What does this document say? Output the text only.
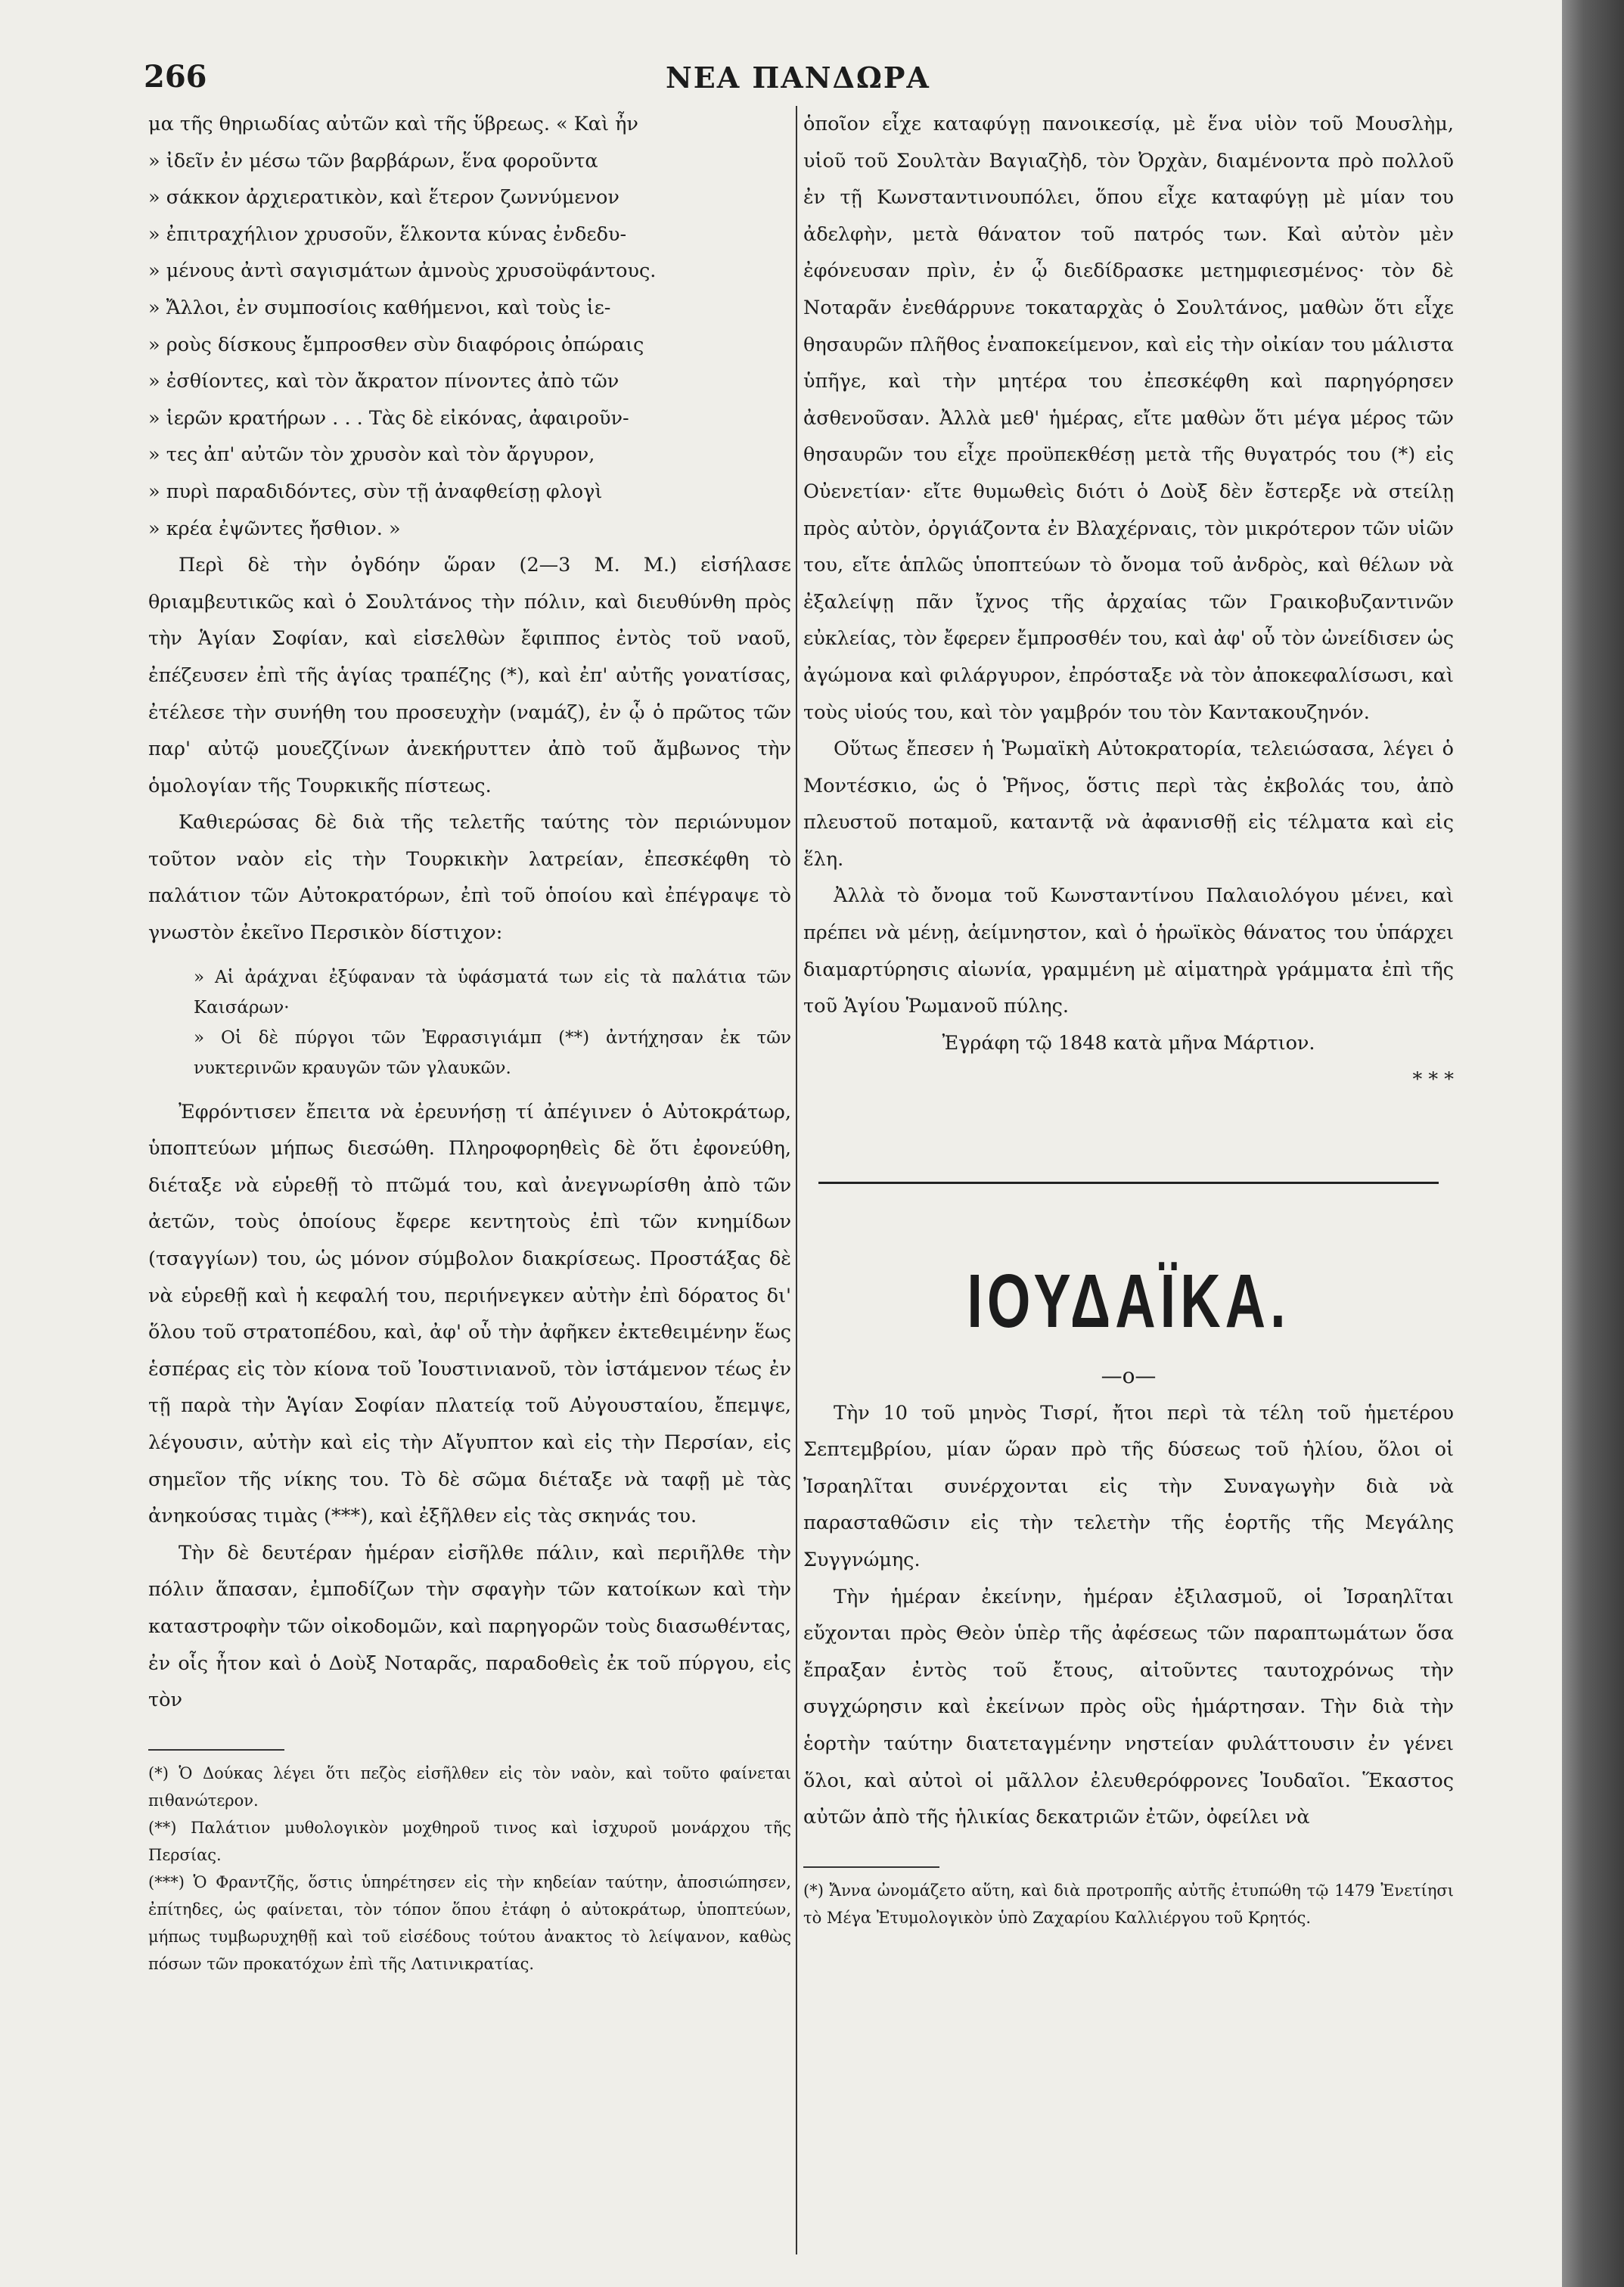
266	ΝΕΑ ΠΑΝΔΩΡΑ

μα τῆς θηριωδίας αὐτῶν καὶ τῆς ὕβρεως. « Καὶ ἦν
» ἰδεῖν ἐν μέσω τῶν βαρβάρων, ἕνα φοροῦντα
» σάκκον ἀρχιερατικὸν, καὶ ἕτερον ζωννύμενον
» ἐπιτραχήλιον χρυσοῦν, ἕλκοντα κύνας ἐνδεδυ-
» μένους ἀντὶ σαγισμάτων ἀμνοὺς χρυσοϋφάντους.
» Ἄλλοι, ἐν συμποσίοις καθήμενοι, καὶ τοὺς ἱε-
» ροὺς δίσκους ἔμπροσθεν σὺν διαφόροις ὀπώραις
» ἐσθίοντες, καὶ τὸν ἄκρατον πίνοντες ἀπὸ τῶν
» ἱερῶν κρατήρων . . . Τὰς δὲ εἰκόνας, ἀφαιροῦν-
» τες ἀπ' αὐτῶν τὸν χρυσὸν καὶ τὸν ἄργυρον,
» πυρὶ παραδιδόντες, σὺν τῇ ἀναφθείσῃ φλογὶ
» κρέα ἐψῶντες ἤσθιον. »

Περὶ δὲ τὴν ὀγδόην ὥραν (2—3 Μ. Μ.) εἰσήλασε θριαμβευτικῶς καὶ ὁ Σουλτάνος τὴν πόλιν, καὶ διευθύνθη πρὸς τὴν Ἁγίαν Σοφίαν, καὶ εἰσελθὼν ἔφιππος ἐντὸς τοῦ ναοῦ, ἐπέζευσεν ἐπὶ τῆς ἁγίας τραπέζης (*), καὶ ἐπ' αὐτῆς γονατίσας, ἐτέλεσε τὴν συνήθη του προσευχὴν (ναμάζ), ἐν ᾧ ὁ πρῶτος τῶν παρ' αὐτῷ μουεζζίνων ἀνεκήρυττεν ἀπὸ τοῦ ἄμβωνος τὴν ὁμολογίαν τῆς Τουρκικῆς πίστεως.

Καθιερώσας δὲ διὰ τῆς τελετῆς ταύτης τὸν περιώνυμον τοῦτον ναὸν εἰς τὴν Τουρκικὴν λατρείαν, ἐπεσκέφθη τὸ παλάτιον τῶν Αὐτοκρατόρων, ἐπὶ τοῦ ὁποίου καὶ ἐπέγραψε τὸ γνωστὸν ἐκεῖνο Περσικὸν δίστιχον:

» Αἱ ἀράχναι ἐξύφαναν τὰ ὑφάσματά των εἰς τὰ παλάτια τῶν Καισάρων·

» Οἱ δὲ πύργοι τῶν Ἐφρασιγιάμπ (**) ἀντήχησαν ἐκ τῶν νυκτερινῶν κραυγῶν τῶν γλαυκῶν.

Ἐφρόντισεν ἔπειτα νὰ ἐρευνήσῃ τί ἀπέγινεν ὁ Αὐτοκράτωρ, ὑποπτεύων μήπως διεσώθη. Πληροφορηθεὶς δὲ ὅτι ἐφονεύθη, διέταξε νὰ εὑρεθῇ τὸ πτῶμά του, καὶ ἀνεγνωρίσθη ἀπὸ τῶν ἀετῶν, τοὺς ὁποίους ἔφερε κεντητοὺς ἐπὶ τῶν κνημίδων (τσαγγίων) του, ὡς μόνον σύμβολον διακρίσεως. Προστάξας δὲ νὰ εὑρεθῇ καὶ ἡ κεφαλή του, περιήνεγκεν αὐτὴν ἐπὶ δόρατος δι' ὅλου τοῦ στρατοπέδου, καὶ, ἀφ' οὗ τὴν ἀφῆκεν ἐκτεθειμένην ἕως ἑσπέρας εἰς τὸν κίονα τοῦ Ἰουστινιανοῦ, τὸν ἱστάμενον τέως ἐν τῇ παρὰ τὴν Ἁγίαν Σοφίαν πλατείᾳ τοῦ Αὐγουσταίου, ἔπεμψε, λέγουσιν, αὐτὴν καὶ εἰς τὴν Αἴγυπτον καὶ εἰς τὴν Περσίαν, εἰς σημεῖον τῆς νίκης του. Τὸ δὲ σῶμα διέταξε νὰ ταφῇ μὲ τὰς ἀνηκούσας τιμὰς (***), καὶ ἐξῆλθεν εἰς τὰς σκηνάς του.

Τὴν δὲ δευτέραν ἡμέραν εἰσῆλθε πάλιν, καὶ περιῆλθε τὴν πόλιν ἅπασαν, ἐμποδίζων τὴν σφαγὴν τῶν κατοίκων καὶ τὴν καταστροφὴν τῶν οἰκοδομῶν, καὶ παρηγορῶν τοὺς διασωθέντας, ἐν οἷς ἦτον καὶ ὁ Δοὺξ Νοταρᾶς, παραδοθεὶς ἐκ τοῦ πύργου, εἰς τὸν

(*) Ὁ Δούκας λέγει ὅτι πεζὸς εἰσῆλθεν εἰς τὸν ναὸν, καὶ τοῦτο φαίνεται πιθανώτερον.

(**) Παλάτιον μυθολογικὸν μοχθηροῦ τινος καὶ ἰσχυροῦ μονάρχου τῆς Περσίας.

(***) Ὁ Φραντζῆς, ὅστις ὑπηρέτησεν εἰς τὴν κηδείαν ταύτην, ἀποσιώπησεν, ἐπίτηδες, ὡς φαίνεται, τὸν τόπον ὅπου ἐτάφη ὁ αὐτοκράτωρ, ὑποπτεύων, μήπως τυμβωρυχηθῇ καὶ τοῦ εἰσέδους τούτου ἀνακτος τὸ λείψανον, καθὼς πόσων τῶν προκατόχων ἐπὶ τῆς Λατινικρατίας.

ὁποῖον εἶχε καταφύγῃ πανοικεσίᾳ, μὲ ἕνα υἱὸν τοῦ Μουσλὴμ, υἱοῦ τοῦ Σουλτὰν Βαγιαζὴδ, τὸν Ὀρχὰν, διαμένοντα πρὸ πολλοῦ ἐν τῇ Κωνσταντινουπόλει, ὅπου εἶχε καταφύγῃ μὲ μίαν του ἀδελφὴν, μετὰ θάνατον τοῦ πατρός των. Καὶ αὐτὸν μὲν ἐφόνευσαν πρὶν, ἐν ᾧ διεδίδρασκε μετημφιεσμένος· τὸν δὲ Νοταρᾶν ἐνεθάρρυνε τοκαταρχὰς ὁ Σουλτάνος, μαθὼν ὅτι εἶχε θησαυρῶν πλῆθος ἐναποκείμενον, καὶ εἰς τὴν οἰκίαν του μάλιστα ὑπῆγε, καὶ τὴν μητέρα του ἐπεσκέφθη καὶ παρηγόρησεν ἀσθενοῦσαν. Ἀλλὰ μεθ' ἡμέρας, εἴτε μαθὼν ὅτι μέγα μέρος τῶν θησαυρῶν του εἶχε προϋπεκθέσῃ μετὰ τῆς θυγατρός του (*) εἰς Οὐενετίαν· εἴτε θυμωθεὶς διότι ὁ Δοὺξ δὲν ἔστερξε νὰ στείλῃ πρὸς αὐτὸν, ὀργιάζοντα ἐν Βλαχέρναις, τὸν μικρότερον τῶν υἱῶν του, εἴτε ἁπλῶς ὑποπτεύων τὸ ὄνομα τοῦ ἀνδρὸς, καὶ θέλων νὰ ἐξαλείψῃ πᾶν ἴχνος τῆς ἀρχαίας τῶν Γραικοβυζαντινῶν εὐκλείας, τὸν ἔφερεν ἔμπροσθέν του, καὶ ἀφ' οὗ τὸν ὠνείδισεν ὡς ἀγώμονα καὶ φιλάργυρον, ἐπρόσταξε νὰ τὸν ἀποκεφαλίσωσι, καὶ τοὺς υἱούς του, καὶ τὸν γαμβρόν του τὸν Καντακουζηνόν.

Οὕτως ἔπεσεν ἡ Ῥωμαϊκὴ Αὐτοκρατορία, τελειώσασα, λέγει ὁ Μοντέσκιο, ὡς ὁ Ῥῆνος, ὅστις περὶ τὰς ἐκβολάς του, ἀπὸ πλευστοῦ ποταμοῦ, καταντᾷ νὰ ἀφανισθῇ εἰς τέλματα καὶ εἰς ἕλη.

Ἀλλὰ τὸ ὄνομα τοῦ Κωνσταντίνου Παλαιολόγου μένει, καὶ πρέπει νὰ μένῃ, ἀείμνηστον, καὶ ὁ ἡρωϊκὸς θάνατος του ὑπάρχει διαμαρτύρησις αἰωνία, γραμμένη μὲ αἱματηρὰ γράμματα ἐπὶ τῆς τοῦ Ἁγίου Ῥωμανοῦ πύλης.

Ἐγράφη τῷ 1848 κατὰ μῆνα Μάρτιον.

* * *

ΙΟΥΔΑΪΚΑ.

—o—

Τὴν 10 τοῦ μηνὸς Τισρί, ἤτοι περὶ τὰ τέλη τοῦ ἡμετέρου Σεπτεμβρίου, μίαν ὥραν πρὸ τῆς δύσεως τοῦ ἡλίου, ὅλοι οἱ Ἰσραηλῖται συνέρχονται εἰς τὴν Συναγωγὴν διὰ νὰ παρασταθῶσιν εἰς τὴν τελετὴν τῆς ἑορτῆς τῆς Μεγάλης Συγγνώμης.

Τὴν ἡμέραν ἐκείνην, ἡμέραν ἐξιλασμοῦ, οἱ Ἰσραηλῖται εὔχονται πρὸς Θεὸν ὑπὲρ τῆς ἀφέσεως τῶν παραπτωμάτων ὅσα ἔπραξαν ἐντὸς τοῦ ἔτους, αἰτοῦντες ταυτοχρόνως τὴν συγχώρησιν καὶ ἐκείνων πρὸς οὓς ἡμάρτησαν. Τὴν διὰ τὴν ἑορτὴν ταύτην διατεταγμένην νηστείαν φυλάττουσιν ἐν γένει ὅλοι, καὶ αὐτοὶ οἱ μᾶλλον ἐλευθερόφρονες Ἰουδαῖοι. Ἕκαστος αὐτῶν ἀπὸ τῆς ἡλικίας δεκατριῶν ἐτῶν, ὀφείλει νὰ

(*) Ἄννα ὠνομάζετο αὕτη, καὶ διὰ προτροπῆς αὐτῆς ἐτυπώθη τῷ 1479 Ἐνετίησι τὸ Μέγα Ἐτυμολογικὸν ὑπὸ Ζαχαρίου Καλλιέργου τοῦ Κρητός.
